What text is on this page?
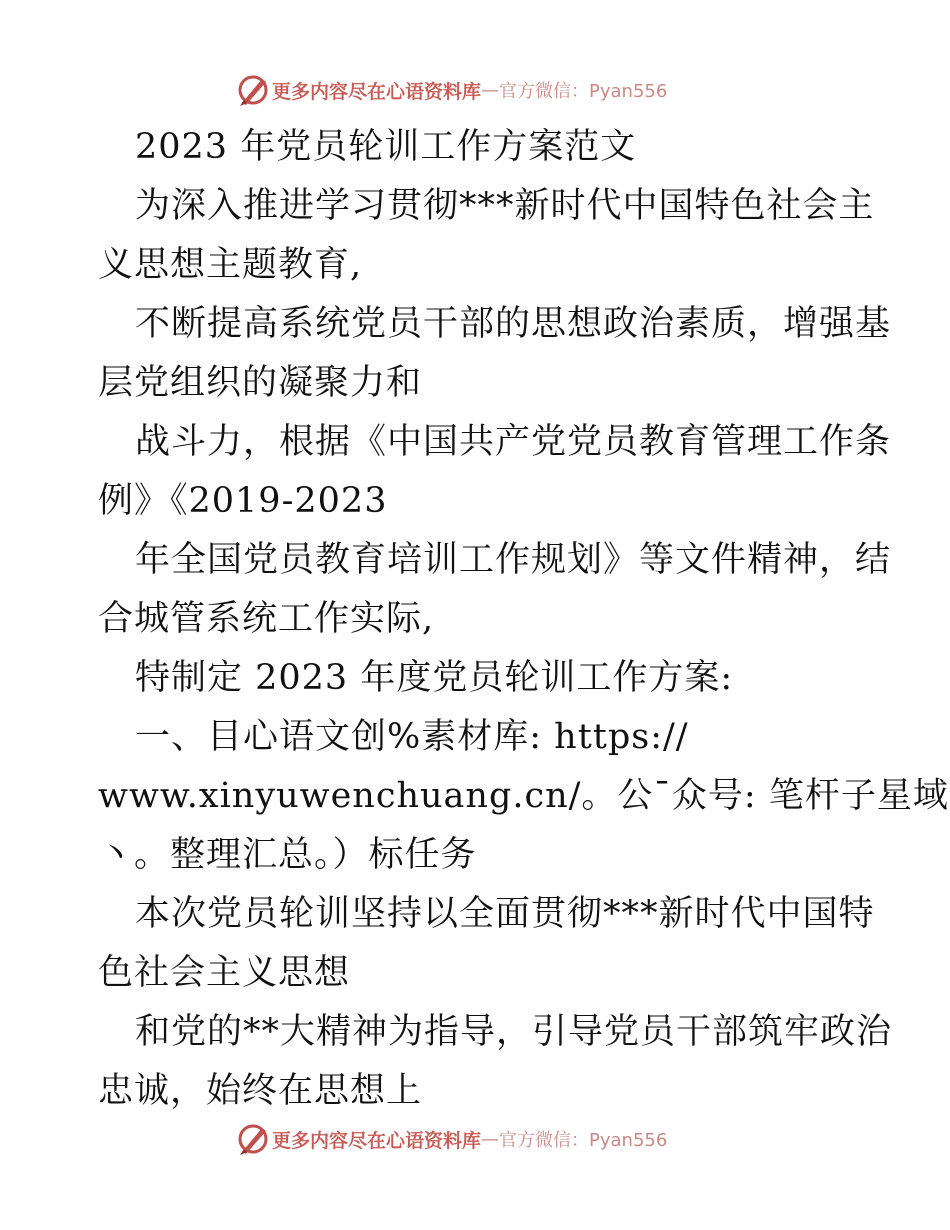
更多内容尽在心语资料库 — 官方微信：Pyan556
2023 年党员轮训工作方案范文
为深入推进学习贯彻***新时代中国特色社会主
义思想主题教育,
不断提高系统党员干部的思想政治素质，增强基
层党组织的凝聚力和
战斗力，根据《中国共产党党员教育管理工作条
例》《2019-2023
年全国党员教育培训工作规划》等文件精神，结
合城管系统工作实际,
特制定 2023 年度党员轮训工作方案:
一、目心语文创%素材库: https://
www.xinyuwenchuang.cn/。公¯众号: 笔杆子星域
丶。整理汇总。）标任务
本次党员轮训坚持以全面贯彻***新时代中国特
色社会主义思想
和党的**大精神为指导，引导党员干部筑牢政治
忠诚，始终在思想上
更多内容尽在心语资料库 — 官方微信：Pyan556
